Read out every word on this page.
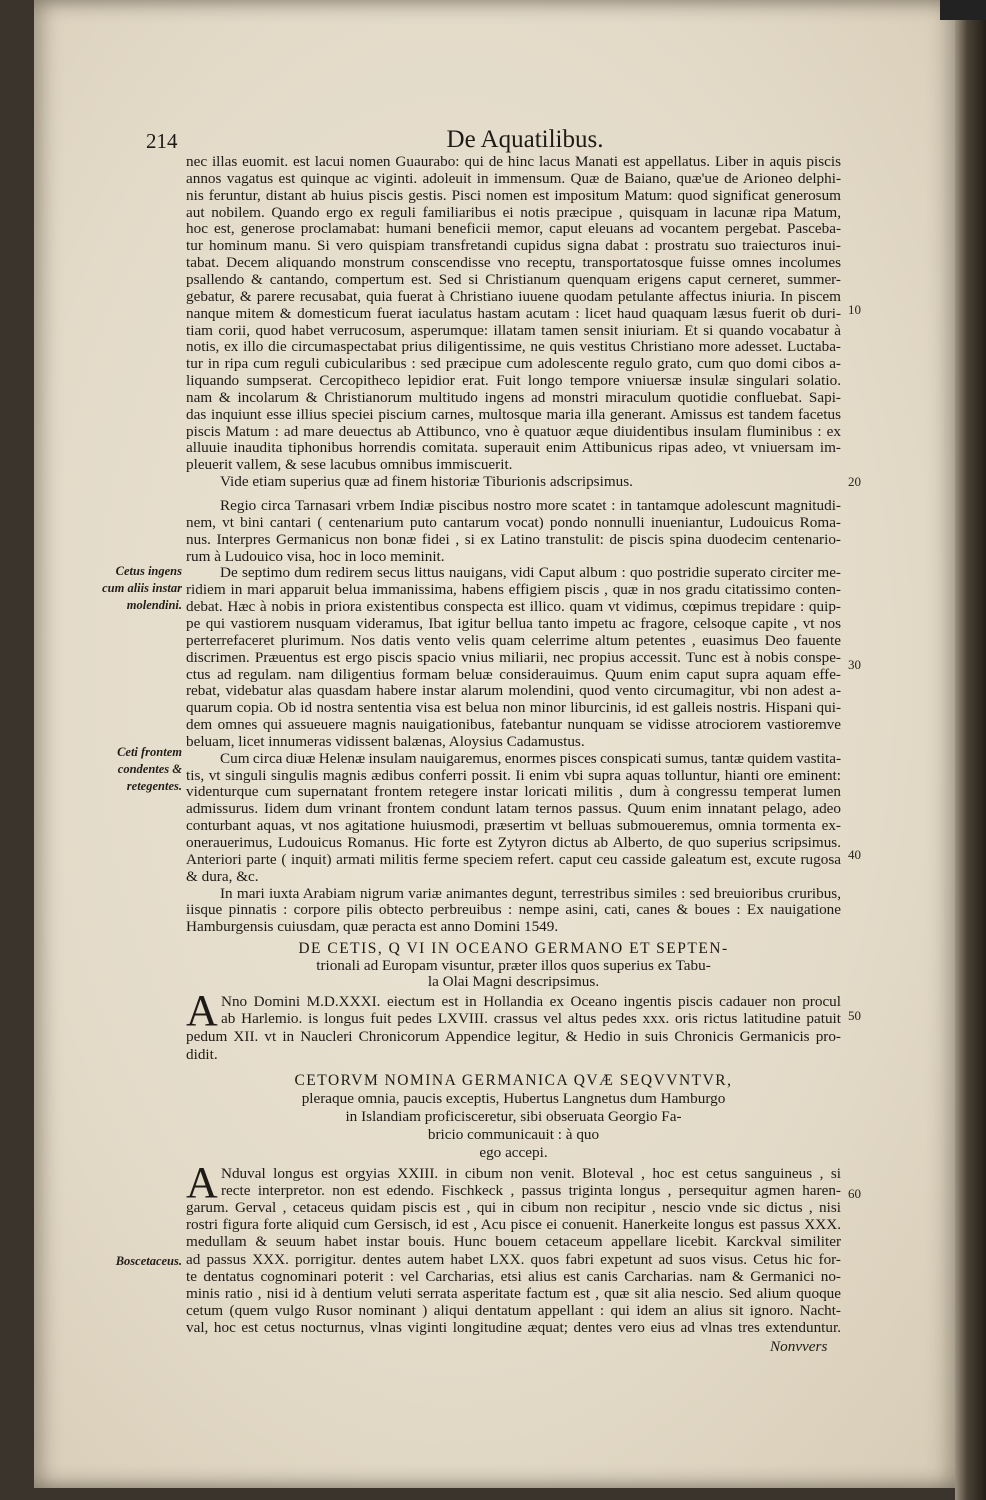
214	De Aquatilibus.
nec illas euomit. est lacui nomen Guaurabo: qui de hinc lacus Manati est appellatus. Liber in aquis piscis
annos vagatus est quinque ac viginti. adoleuit in immensum. Quæ de Baiano, quæ'ue de Arioneo delphi-
nis feruntur, distant ab huius piscis gestis. Pisci nomen est impositum Matum: quod significat generosum
aut nobilem. Quando ergo ex reguli familiaribus ei notis præcipue , quisquam in lacunæ ripa Matum,
hoc est, generose proclamabat: humani beneficii memor, caput eleuans ad vocantem pergebat. Pasceba-
tur hominum manu. Si vero quispiam transfretandi cupidus signa dabat : prostratu suo traiecturos inui-
tabat. Decem aliquando monstrum conscendisse vno receptu, transportatosque fuisse omnes incolumes
psallendo & cantando, compertum est. Sed si Christianum quenquam erigens caput cerneret, summer-
gebatur, & parere recusabat, quia fuerat à Christiano iuuene quodam petulante affectus iniuria. In piscem
nanque mitem & domesticum fuerat iaculatus hastam acutam : licet haud quaquam læsus fuerit ob duri-
tiam corii, quod habet verrucosum, asperumque: illatam tamen sensit iniuriam. Et si quando vocabatur à
notis, ex illo die circumaspectabat prius diligentissime, ne quis vestitus Christiano more adesset. Luctaba-
tur in ripa cum reguli cubicularibus : sed præcipue cum adolescente regulo grato, cum quo domi cibos a-
liquando sumpserat. Cercopitheco lepidior erat. Fuit longo tempore vniuersæ insulæ singulari solatio.
nam & incolarum & Christianorum multitudo ingens ad monstri miraculum quotidie confluebat. Sapi-
das inquiunt esse illius speciei piscium carnes, multosque maria illa generant. Amissus est tandem facetus
piscis Matum : ad mare deuectus ab Attibunco, vno è quatuor æque diuidentibus insulam fluminibus : ex
alluuie inaudita tiphonibus horrendis comitata. superauit enim Attibunicus ripas adeo, vt vniuersam im-
pleuerit vallem, & sese lacubus omnibus immiscuerit.
Vide etiam superius quæ ad finem historiæ Tiburionis adscripsimus.
Regio circa Tarnasari vrbem Indiæ piscibus nostro more scatet : in tantamque adolescunt magnitudi-
nem, vt bini cantari ( centenarium puto cantarum vocat) pondo nonnulli inueniantur, Ludouicus Roma-
nus. Interpres Germanicus non bonæ fidei , si ex Latino transtulit: de piscis spina duodecim centenario-
rum à Ludouico visa, hoc in loco meminit.
De septimo dum redirem secus littus nauigans, vidi Caput album : quo postridie superato circiter me-
ridiem in mari apparuit belua immanissima, habens effigiem piscis , quæ in nos gradu citatissimo conten-
debat. Hæc à nobis in priora existentibus conspecta est illico. quam vt vidimus, cœpimus trepidare : quip-
pe qui vastiorem nusquam videramus, Ibat igitur bellua tanto impetu ac fragore, celsoque capite , vt nos
perterrefaceret plurimum. Nos datis vento velis quam celerrime altum petentes , euasimus Deo fauente
discrimen. Præuentus est ergo piscis spacio vnius miliarii, nec propius accessit. Tunc est à nobis conspe-
ctus ad regulam. nam diligentius formam beluæ considerauimus. Quum enim caput supra aquam effe-
rebat, videbatur alas quasdam habere instar alarum molendini, quod vento circumagitur, vbi non adest a-
quarum copia. Ob id nostra sententia visa est belua non minor liburcinis, id est galleis nostris. Hispani qui-
dem omnes qui assueuere magnis nauigationibus, fatebantur nunquam se vidisse atrociorem vastioremve
beluam, licet innumeras vidissent balænas, Aloysius Cadamustus.
Cum circa diuæ Helenæ insulam nauigaremus, enormes pisces conspicati sumus, tantæ quidem vastita-
tis, vt singuli singulis magnis ædibus conferri possit. Ii enim vbi supra aquas tolluntur, hianti ore eminent:
videnturque cum supernatant frontem retegere instar loricati militis , dum à congressu temperat lumen
admissurus. Iidem dum vrinant frontem condunt latam ternos passus. Quum enim innatant pelago, adeo
conturbant aquas, vt nos agitatione huiusmodi, præsertim vt belluas submoueremus, omnia tormenta ex-
onerauerimus, Ludouicus Romanus. Hic forte est Zytyron dictus ab Alberto, de quo superius scripsimus.
Anteriori parte ( inquit) armati militis ferme speciem refert. caput ceu casside galeatum est, excute rugosa
& dura, &c.
In mari iuxta Arabiam nigrum variæ animantes degunt, terrestribus similes : sed breuioribus cruribus,
iisque pinnatis : corpore pilis obtecto perbreuibus : nempe asini, cati, canes & boues : Ex nauigatione
Hamburgensis cuiusdam, quæ peracta est anno Domini 1549.
DE CETIS, Q VI IN OCEANO GERMANO ET SEPTEN-
trionali ad Europam visuntur, præter illos quos superius ex Tabu-
la Olai Magni descripsimus.
A Nno Domini M.D.XXXI. eiectum est in Hollandia ex Oceano ingentis piscis cadauer non procul
ab Harlemio. is longus fuit pedes LXVIII. crassus vel altus pedes xxx. oris rictus latitudine patuit
pedum XII. vt in Naucleri Chronicorum Appendice legitur, & Hedio in suis Chronicis Germanicis pro-
didit.
CETORVM NOMINA GERMANICA QVÆ SEQVVNTVR,
pleraque omnia, paucis exceptis, Hubertus Langnetus dum Hamburgo
in Islandiam proficisceretur, sibi obseruata Georgio Fa-
bricio communicauit : à quo
ego accepi.
A Nduval longus est orgyias XXIII. in cibum non venit. Bloteval , hoc est cetus sanguineus , si
recte interpretor. non est edendo. Fischkeck , passus triginta longus , persequitur agmen haren-
garum. Gerval , cetaceus quidam piscis est , qui in cibum non recipitur , nescio vnde sic dictus , nisi
rostri figura forte aliquid cum Gersisch, id est , Acu pisce ei conuenit. Hanerkeite longus est passus XXX.
medullam & seuum habet instar bouis. Hunc bouem cetaceum appellare licebit. Karckval similiter
ad passus XXX. porrigitur. dentes autem habet LXX. quos fabri expetunt ad suos visus. Cetus hic for-
te dentatus cognominari poterit : vel Carcharias, etsi alius est canis Carcharias. nam & Germanici no-
minis ratio , nisi id à dentium veluti serrata asperitate factum est , quæ sit alia nescio. Sed alium quoque
cetum (quem vulgo Rusor nominant ) aliqui dentatum appellant : qui idem an alius sit ignoro. Nacht-
val, hoc est cetus nocturnus, vlnas viginti longitudine æquat; dentes vero eius ad vlnas tres extenduntur.
Nonvvers
Cetus ingens
cum aliis instar
molendini.
Ceti frontem
condentes &
retegentes.
Boscetaceus.
10
20
30
40
50
60
